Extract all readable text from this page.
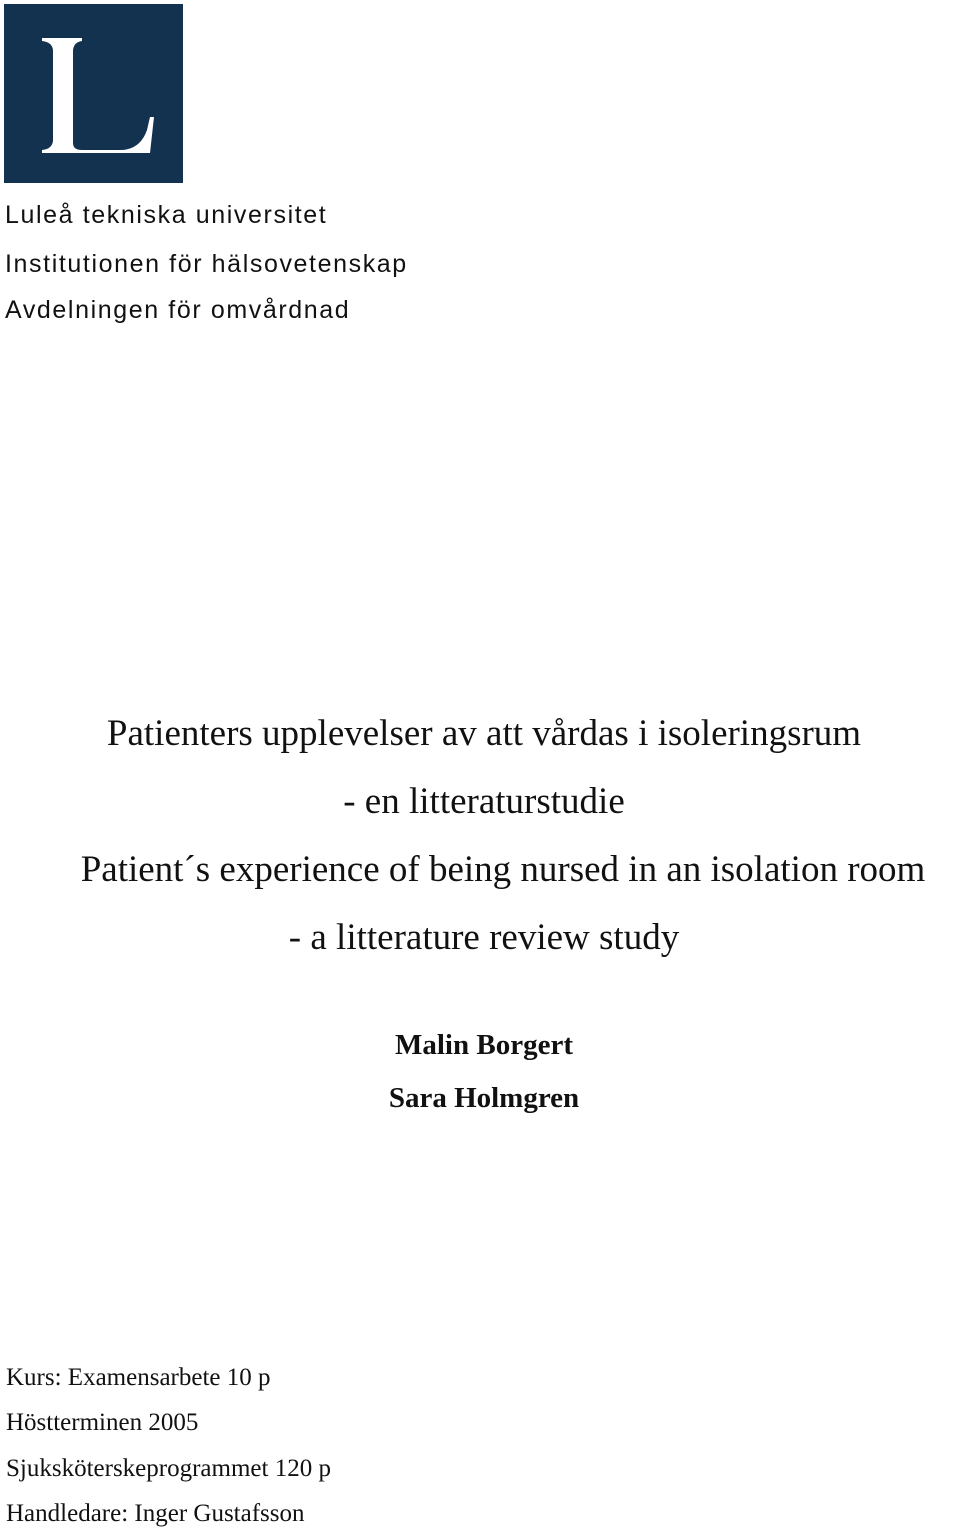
Luleå tekniska universitet
Institutionen för hälsovetenskap
Avdelningen för omvårdnad
Patienters upplevelser av att vårdas i isoleringsrum
- en litteraturstudie
Patient´s experience of being nursed in an isolation room
- a litterature review study
Malin Borgert
Sara Holmgren
Kurs: Examensarbete 10 p
Höstterminen 2005
Sjuksköterskeprogrammet 120 p
Handledare: Inger Gustafsson
